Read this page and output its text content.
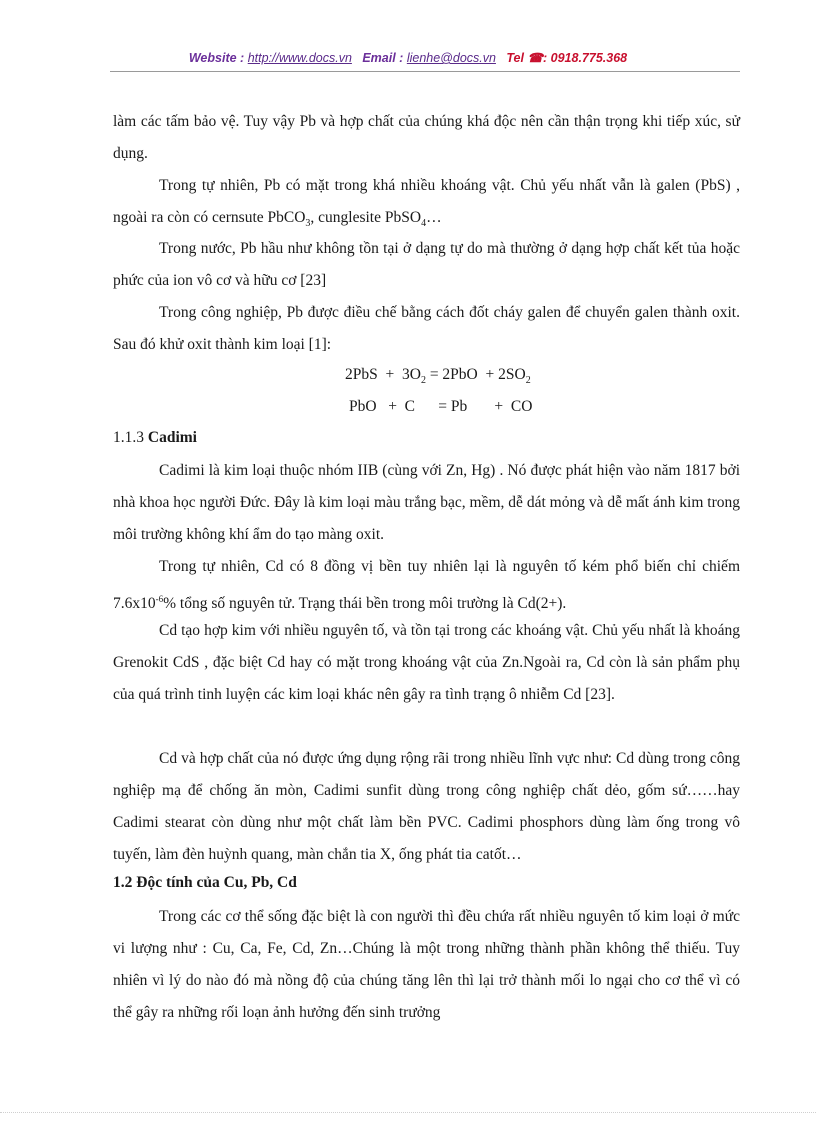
Website : http://www.docs.vn Email : lienhe@docs.vn Tel ☎: 0918.775.368
làm các tấm bảo vệ. Tuy vậy Pb và hợp chất của chúng khá độc nên cần thận trọng khi tiếp xúc, sử dụng.
Trong tự nhiên, Pb có mặt trong khá nhiều khoáng vật. Chủ yếu nhất vẫn là galen (PbS) , ngoài ra còn có cernsute PbCO$_3$, cunglesite PbSO$_4$…
Trong nước, Pb hầu như không tồn tại ở dạng tự do mà thường ở dạng hợp chất kết tủa hoặc phức của ion vô cơ và hữu cơ [23]
Trong công nghiệp, Pb được điều chế bằng cách đốt cháy galen để chuyển galen thành oxit. Sau đó khử oxit thành kim loại [1]:
$2PbS + 3O_2 = 2PbO + 2SO_2$
PbO   +  C      = Pb       +  CO
1.1.3 Cadimi
Cadimi là kim loại thuộc nhóm IIB (cùng với Zn, Hg) . Nó được phát hiện vào năm 1817 bởi nhà khoa học người Đức. Đây là kim loại màu trắng bạc, mềm, dễ dát mỏng và dễ mất ánh kim trong môi trường không khí ẩm do tạo màng oxit.
Trong tự nhiên, Cd có 8 đồng vị bền tuy nhiên lại là nguyên tố kém phổ biến chỉ chiếm $7.6x10^{-6}\%$ tổng số nguyên tử. Trạng thái bền trong môi trường là Cd(2+).
Cd tạo hợp kim với nhiều nguyên tố, và tồn tại trong các khoáng vật. Chủ yếu nhất là khoáng Grenokit CdS , đặc biệt Cd hay có mặt trong khoáng vật của Zn.Ngoài ra, Cd còn là sản phẩm phụ của quá trình tinh luyện các kim loại khác nên gây ra tình trạng ô nhiễm Cd [23].
Cd và hợp chất của nó được ứng dụng rộng rãi trong nhiều lĩnh vực như: Cd dùng trong công nghiệp mạ để chống ăn mòn, Cadimi sunfit dùng trong công nghiệp chất dẻo, gốm sứ……hay Cadimi stearat còn dùng như một chất làm bền PVC. Cadimi phosphors dùng làm ống trong vô tuyến, làm đèn huỳnh quang, màn chắn tia X, ống phát tia catốt…
1.2 Độc tính của Cu, Pb, Cd
Trong các cơ thể sống đặc biệt là con người thì đều chứa rất nhiều nguyên tố kim loại ở mức vi lượng như : Cu, Ca, Fe, Cd, Zn…Chúng là một trong những thành phần không thể thiếu. Tuy nhiên vì lý do nào đó mà nồng độ của chúng tăng lên thì lại trở thành mối lo ngại cho cơ thể vì có thể gây ra những rối loạn ảnh hưởng đến sinh trưởng
